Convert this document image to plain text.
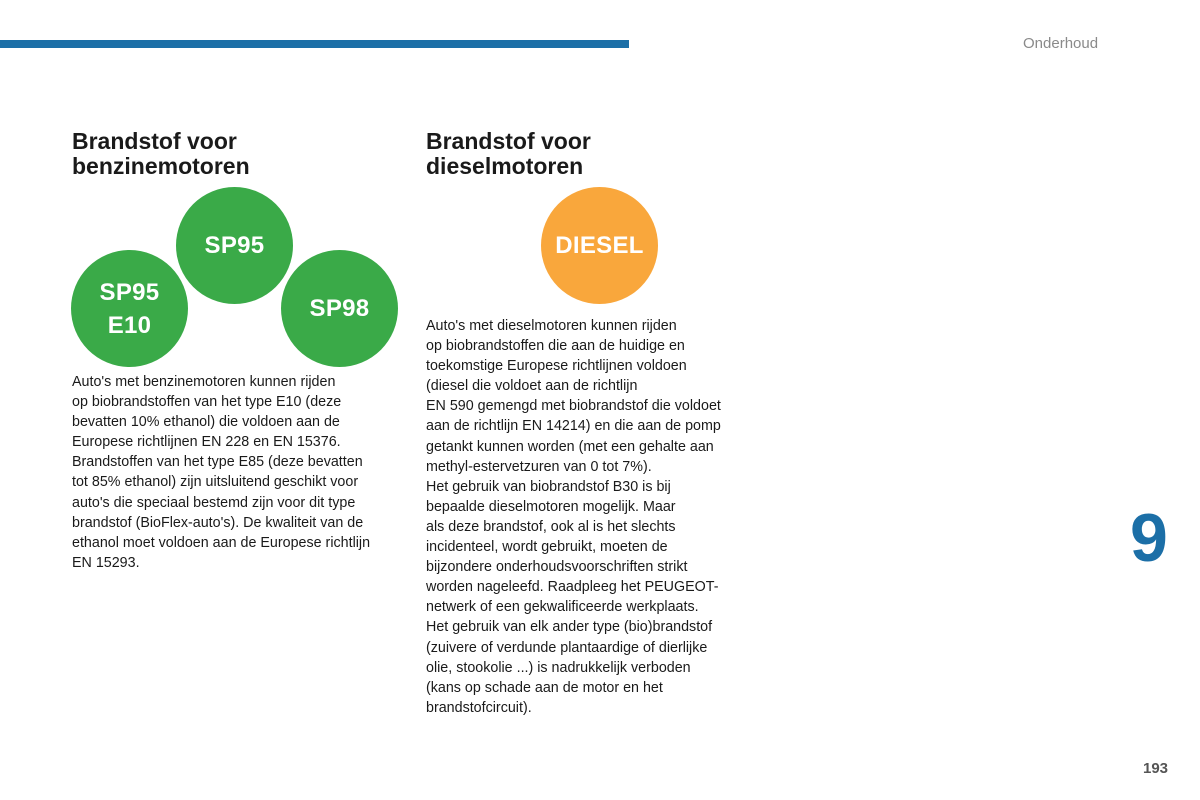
Onderhoud
Brandstof voor
benzinemotoren
SP95
SP95
E10
SP98
Auto's met benzinemotoren kunnen rijden
op biobrandstoffen van het type E10 (deze
bevatten 10% ethanol) die voldoen aan de
Europese richtlijnen EN 228 en EN 15376.
Brandstoffen van het type E85 (deze bevatten
tot 85% ethanol) zijn uitsluitend geschikt voor
auto's die speciaal bestemd zijn voor dit type
brandstof (BioFlex-auto's). De kwaliteit van de
ethanol moet voldoen aan de Europese richtlijn
EN 15293.
Brandstof voor
dieselmotoren
DIESEL
Auto's met dieselmotoren kunnen rijden
op biobrandstoffen die aan de huidige en
toekomstige Europese richtlijnen voldoen
(diesel die voldoet aan de richtlijn
EN 590 gemengd met biobrandstof die voldoet
aan de richtlijn EN 14214) en die aan de pomp
getankt kunnen worden (met een gehalte aan
methyl-estervetzuren van 0 tot 7%).
Het gebruik van biobrandstof B30 is bij
bepaalde dieselmotoren mogelijk. Maar
als deze brandstof, ook al is het slechts
incidenteel, wordt gebruikt, moeten de
bijzondere onderhoudsvoorschriften strikt
worden nageleefd. Raadpleeg het PEUGEOT-
netwerk of een gekwalificeerde werkplaats.
Het gebruik van elk ander type (bio)brandstof
(zuivere of verdunde plantaardige of dierlijke
olie, stookolie ...) is nadrukkelijk verboden
(kans op schade aan de motor en het
brandstofcircuit).
9
193
